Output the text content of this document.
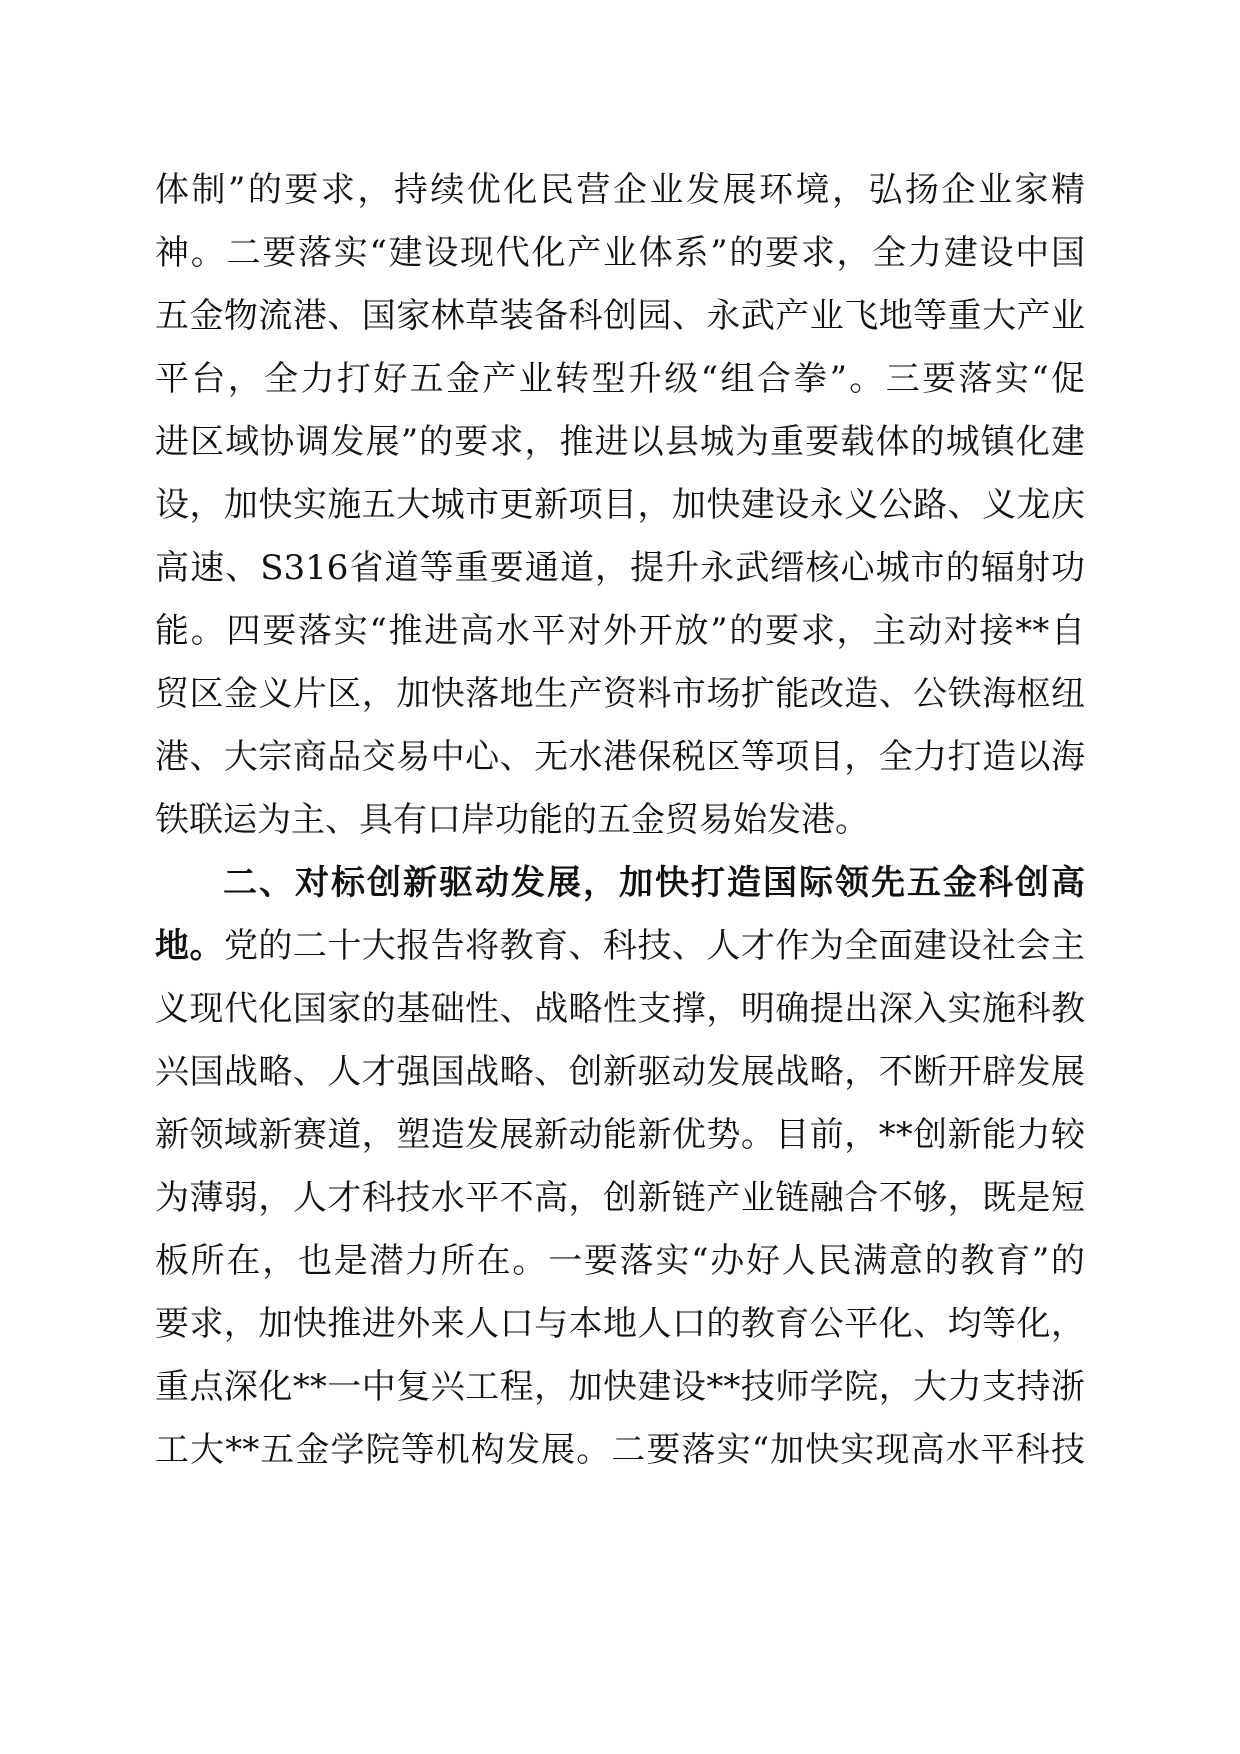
体制”的要求，持续优化民营企业发展环境，弘扬企业家精

神。二要落实“建设现代化产业体系”的要求，全力建设中国

五金物流港、国家林草装备科创园、永武产业飞地等重大产业

平台，全力打好五金产业转型升级“组合拳”。三要落实“促

进区域协调发展”的要求，推进以县城为重要载体的城镇化建

设，加快实施五大城市更新项目，加快建设永义公路、义龙庆

高速、S316省道等重要通道，提升永武缙核心城市的辐射功

能。四要落实“推进高水平对外开放”的要求，主动对接**自

贸区金义片区，加快落地生产资料市场扩能改造、公铁海枢纽

港、大宗商品交易中心、无水港保税区等项目，全力打造以海

铁联运为主、具有口岸功能的五金贸易始发港。

二、对标创新驱动发展，加快打造国际领先五金科创高

地。党的二十大报告将教育、科技、人才作为全面建设社会主

义现代化国家的基础性、战略性支撑，明确提出深入实施科教

兴国战略、人才强国战略、创新驱动发展战略，不断开辟发展

新领域新赛道，塑造发展新动能新优势。目前，**创新能力较

为薄弱，人才科技水平不高，创新链产业链融合不够，既是短

板所在，也是潜力所在。一要落实“办好人民满意的教育”的

要求，加快推进外来人口与本地人口的教育公平化、均等化，

重点深化**一中复兴工程，加快建设**技师学院，大力支持浙

工大**五金学院等机构发展。二要落实“加快实现高水平科技
